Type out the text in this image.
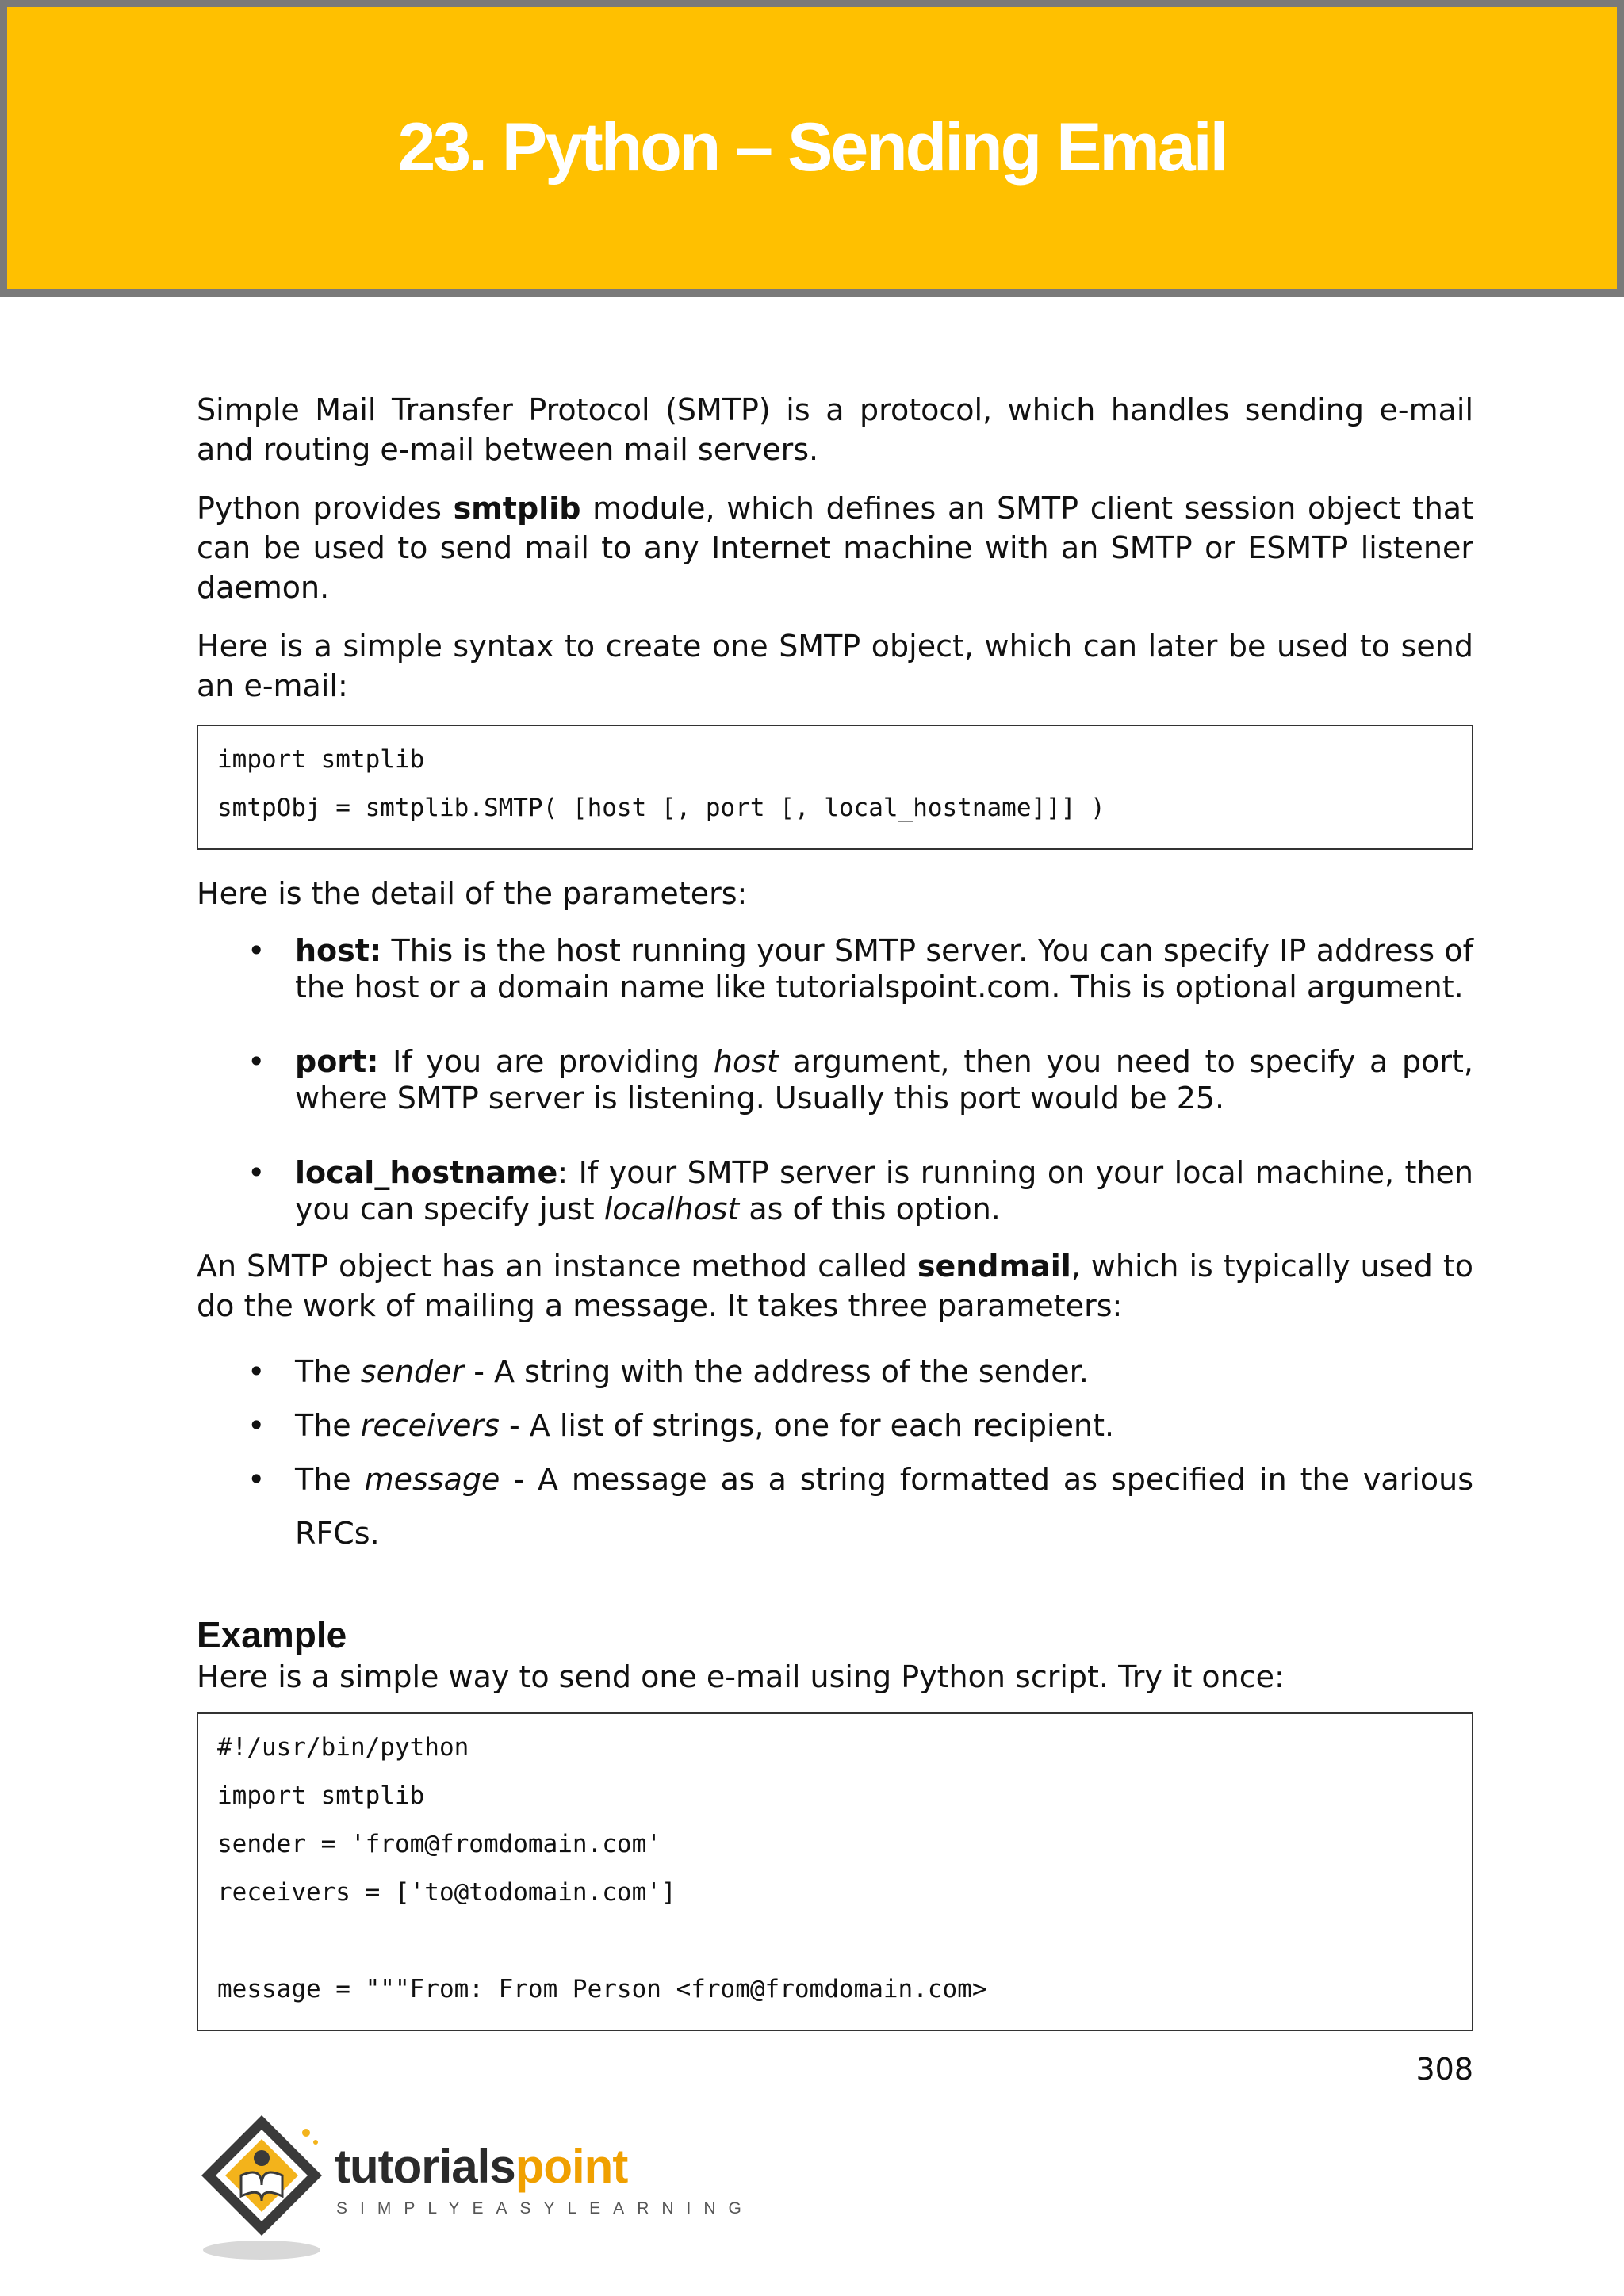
23. Python – Sending Email

Simple Mail Transfer Protocol (SMTP) is a protocol, which handles sending e-mail and routing e-mail between mail servers.

Python provides smtplib module, which defines an SMTP client session object that can be used to send mail to any Internet machine with an SMTP or ESMTP listener daemon.

Here is a simple syntax to create one SMTP object, which can later be used to send an e-mail:

import smtplib
smtpObj = smtplib.SMTP( [host [, port [, local_hostname]]] )

Here is the detail of the parameters:

• host: This is the host running your SMTP server. You can specify IP address of the host or a domain name like tutorialspoint.com. This is optional argument.
• port: If you are providing host argument, then you need to specify a port, where SMTP server is listening. Usually this port would be 25.
• local_hostname: If your SMTP server is running on your local machine, then you can specify just localhost as of this option.

An SMTP object has an instance method called sendmail, which is typically used to do the work of mailing a message. It takes three parameters:

• The sender - A string with the address of the sender.
• The receivers - A list of strings, one for each recipient.
• The message - A message as a string formatted as specified in the various RFCs.
Example

Here is a simple way to send one e-mail using Python script. Try it once:

#!/usr/bin/python
import smtplib
sender = 'from@fromdomain.com'
receivers = ['to@todomain.com']
message = """From: From Person <from@fromdomain.com>
308
tutorialspoint
SIMPLYEASYLEARNING
